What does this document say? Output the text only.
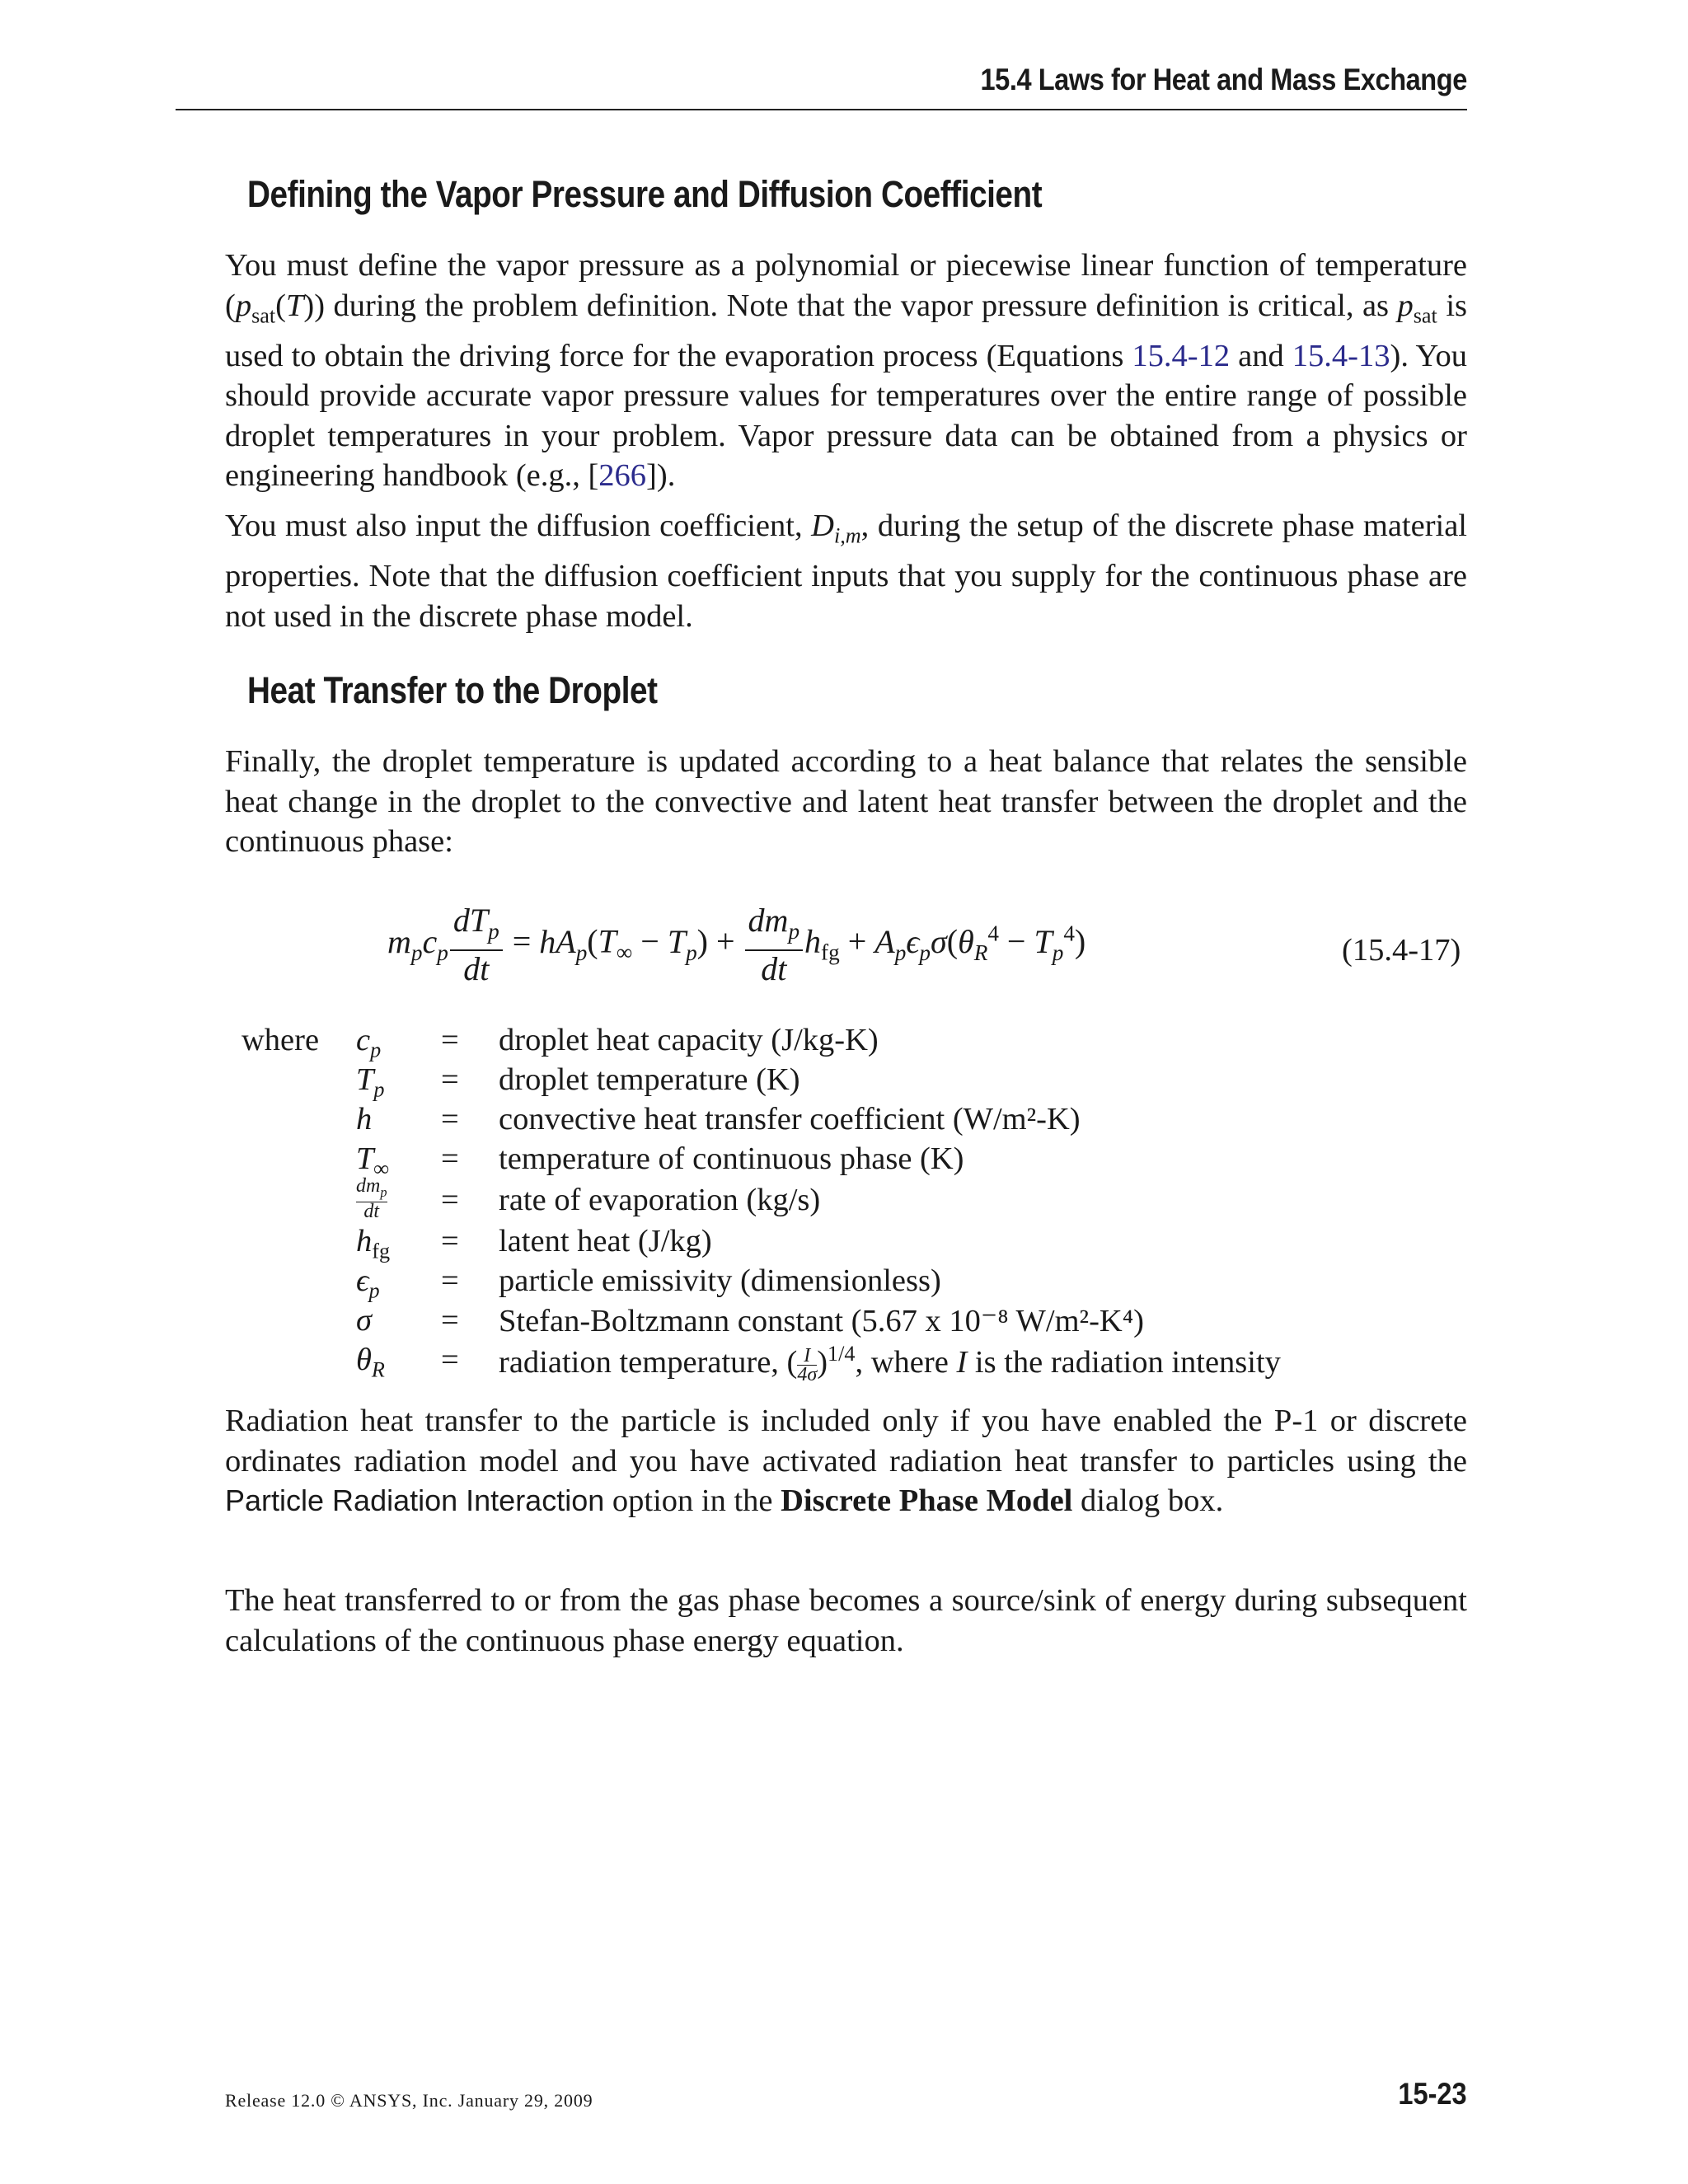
15.4 Laws for Heat and Mass Exchange
Defining the Vapor Pressure and Diffusion Coefficient

You must define the vapor pressure as a polynomial or piecewise linear function of temperature $(p_{sat}(T))$ during the problem definition. Note that the vapor pressure definition is critical, as $p_{sat}$ is used to obtain the driving force for the evaporation process (Equations 15.4-12 and 15.4-13). You should provide accurate vapor pressure values for temperatures over the entire range of possible droplet temperatures in your problem. Vapor pressure data can be obtained from a physics or engineering handbook (e.g., [266]).

You must also input the diffusion coefficient, $D_{i,m}$, during the setup of the discrete phase material properties. Note that the diffusion coefficient inputs that you supply for the continuous phase are not used in the discrete phase model.

Heat Transfer to the Droplet

Finally, the droplet temperature is updated according to a heat balance that relates the sensible heat change in the droplet to the convective and latent heat transfer between the droplet and the continuous phase:

$m_pc_p \frac{dT_p}{dt} = hA_p(T_\infty - T_p) + \frac{dm_p}{dt} h_{fg} + A_p\epsilon_p\sigma(\theta_R^4 - T_p^4)$	(15.4-17)
where $c_p$	= droplet heat capacity (J/kg-K)
$T_p$	= droplet temperature (K)
h	= convective heat transfer coefficient (W/m²-K)
$T_\infty$	= temperature of continuous phase (K)
$\frac{dm_p}{dt}$ = rate of evaporation (kg/s)
$h_{fg}$	= latent heat (J/kg)
$\epsilon_p$	= particle emissivity (dimensionless)
σ	= Stefan-Boltzmann constant (5.67 x 10⁻⁸ W/m²-K⁴)
$\theta_R$	= radiation temperature, ( $\frac{I}{4\sigma} )^{1/4}$, where I is the radiation intensity

Radiation heat transfer to the particle is included only if you have enabled the P-1 or discrete ordinates radiation model and you have activated radiation heat transfer to particles using the Particle Radiation Interaction option in the Discrete Phase Model dialog box.

The heat transferred to or from the gas phase becomes a source/sink of energy during subsequent calculations of the continuous phase energy equation.

Release 12.0 © ANSYS, Inc. January 29, 2009	15-23
